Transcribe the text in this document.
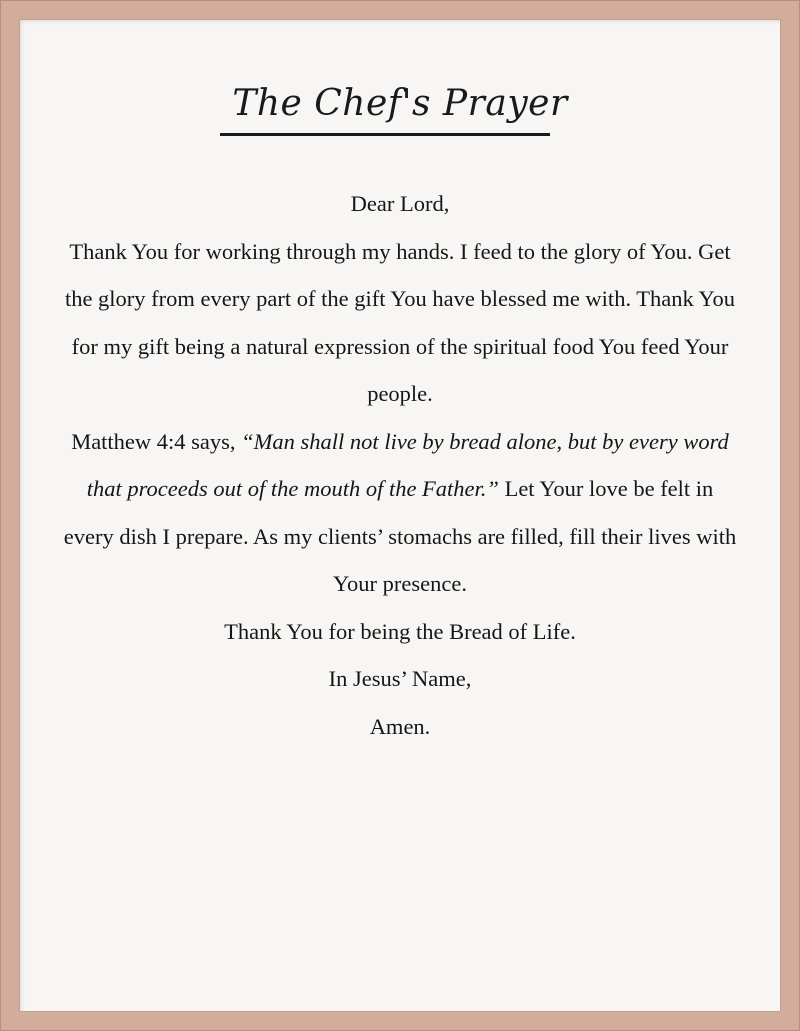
The Chef's Prayer

Dear Lord,

Thank You for working through my hands. I feed to the glory of You. Get the glory from every part of the gift You have blessed me with. Thank You for my gift being a natural expression of the spiritual food You feed Your people.

Matthew 4:4 says, “Man shall not live by bread alone, but by every word that proceeds out of the mouth of the Father.” Let Your love be felt in every dish I prepare. As my clients’ stomachs are filled, fill their lives with Your presence.

Thank You for being the Bread of Life.

In Jesus’ Name,

Amen.
